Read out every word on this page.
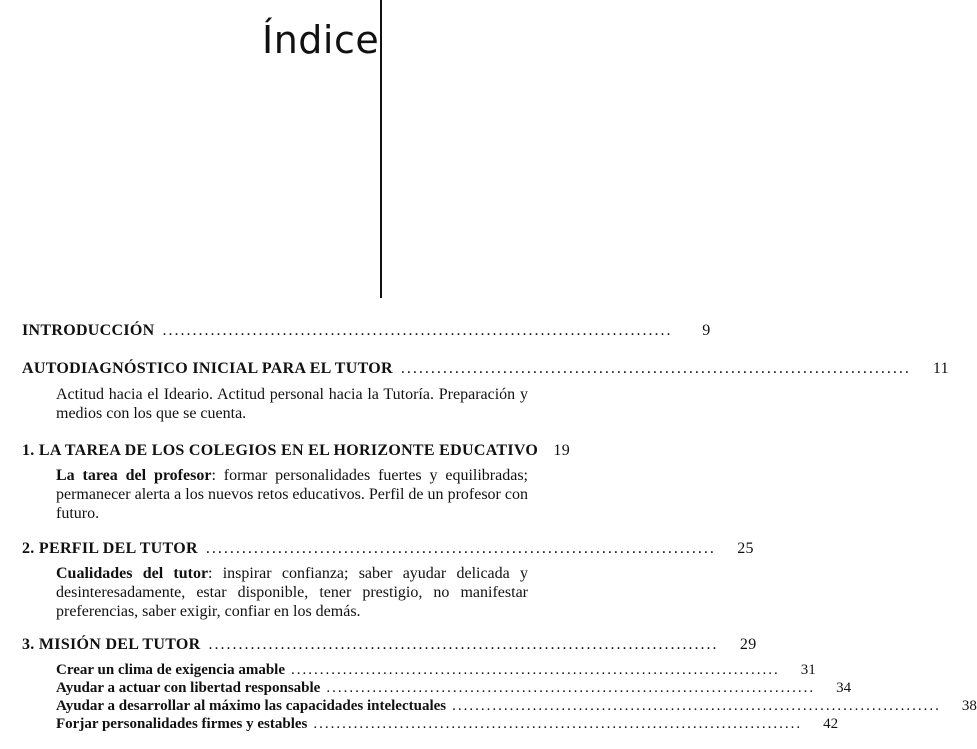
Índice
INTRODUCCIÓN .....................................................................................	9
AUTODIAGNÓSTICO INICIAL PARA EL TUTOR .....................................................................................	11
Actitud hacia el Ideario. Actitud personal hacia la Tutoría. Preparación y medios con los que se cuenta.
1. LA TAREA DE LOS COLEGIOS EN EL HORIZONTE EDUCATIVO 19
La tarea del profesor: formar personalidades fuertes y equilibradas; permanecer alerta a los nuevos retos educativos. Perfil de un profesor con futuro.
2. PERFIL DEL TUTOR .....................................................................................	25
Cualidades del tutor: inspirar confianza; saber ayudar delicada y desinteresadamente, estar disponible, tener prestigio, no manifestar preferencias, saber exigir, confiar en los demás.
3. MISIÓN DEL TUTOR .....................................................................................	29
Crear un clima de exigencia amable .....................................................................................	31
Ayudar a actuar con libertad responsable .....................................................................................	34
Ayudar a desarrollar al máximo las capacidades intelectuales .....................................................................................	38
Forjar personalidades firmes y estables .....................................................................................	42
